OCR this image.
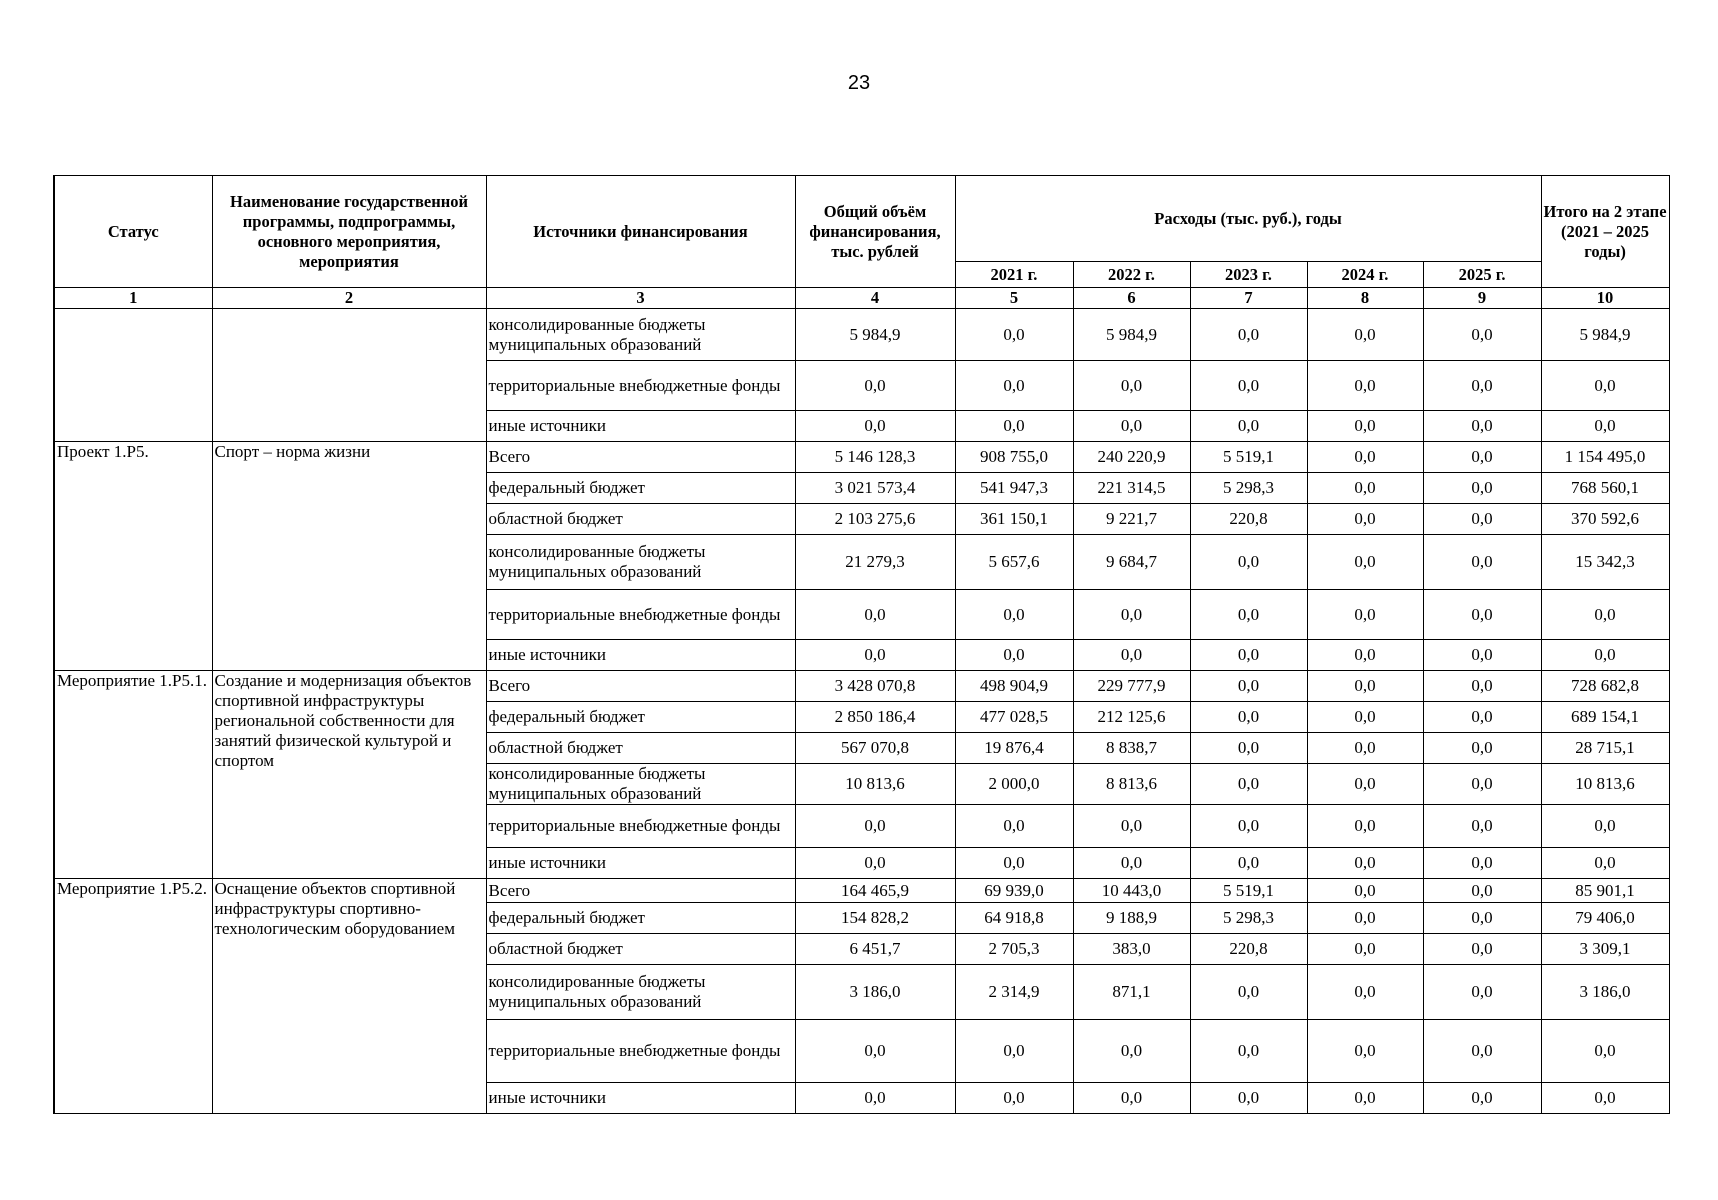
23
Статус	Наименование государственной программы, подпрограммы, основного мероприятия, мероприятия	Источники финансирования	Общий объём финансирования, тыс. рублей	Расходы (тыс. руб.), годы					Итого на 2 этапе (2021 – 2025 годы)
				2021 г.	2022 г.	2023 г.	2024 г.	2025 г.	
1	2	3	4	5	6	7	8	9	10
		консолидированные бюджеты муниципальных образований	5 984,9	0,0	5 984,9	0,0	0,0	0,0	5 984,9
		территориальные внебюджетные фонды	0,0	0,0	0,0	0,0	0,0	0,0	0,0
		иные источники	0,0	0,0	0,0	0,0	0,0	0,0	0,0
Проект 1.Р5.	Спорт – норма жизни	Всего	5 146 128,3	908 755,0	240 220,9	5 519,1	0,0	0,0	1 154 495,0
		федеральный бюджет	3 021 573,4	541 947,3	221 314,5	5 298,3	0,0	0,0	768 560,1
		областной бюджет	2 103 275,6	361 150,1	9 221,7	220,8	0,0	0,0	370 592,6
		консолидированные бюджеты муниципальных образований	21 279,3	5 657,6	9 684,7	0,0	0,0	0,0	15 342,3
		территориальные внебюджетные фонды	0,0	0,0	0,0	0,0	0,0	0,0	0,0
		иные источники	0,0	0,0	0,0	0,0	0,0	0,0	0,0
Мероприятие 1.Р5.1.	Создание и модернизация объектов спортивной инфраструктуры региональной собственности для занятий физической культурой и спортом	Всего	3 428 070,8	498 904,9	229 777,9	0,0	0,0	0,0	728 682,8
		федеральный бюджет	2 850 186,4	477 028,5	212 125,6	0,0	0,0	0,0	689 154,1
		областной бюджет	567 070,8	19 876,4	8 838,7	0,0	0,0	0,0	28 715,1
		консолидированные бюджеты муниципальных образований	10 813,6	2 000,0	8 813,6	0,0	0,0	0,0	10 813,6
		территориальные внебюджетные фонды	0,0	0,0	0,0	0,0	0,0	0,0	0,0
		иные источники	0,0	0,0	0,0	0,0	0,0	0,0	0,0
Мероприятие 1.Р5.2.	Оснащение объектов спортивной инфраструктуры спортивно-технологическим оборудованием	Всего	164 465,9	69 939,0	10 443,0	5 519,1	0,0	0,0	85 901,1
		федеральный бюджет	154 828,2	64 918,8	9 188,9	5 298,3	0,0	0,0	79 406,0
		областной бюджет	6 451,7	2 705,3	383,0	220,8	0,0	0,0	3 309,1
		консолидированные бюджеты муниципальных образований	3 186,0	2 314,9	871,1	0,0	0,0	0,0	3 186,0
		территориальные внебюджетные фонды	0,0	0,0	0,0	0,0	0,0	0,0	0,0
		иные источники	0,0	0,0	0,0	0,0	0,0	0,0	0,0
